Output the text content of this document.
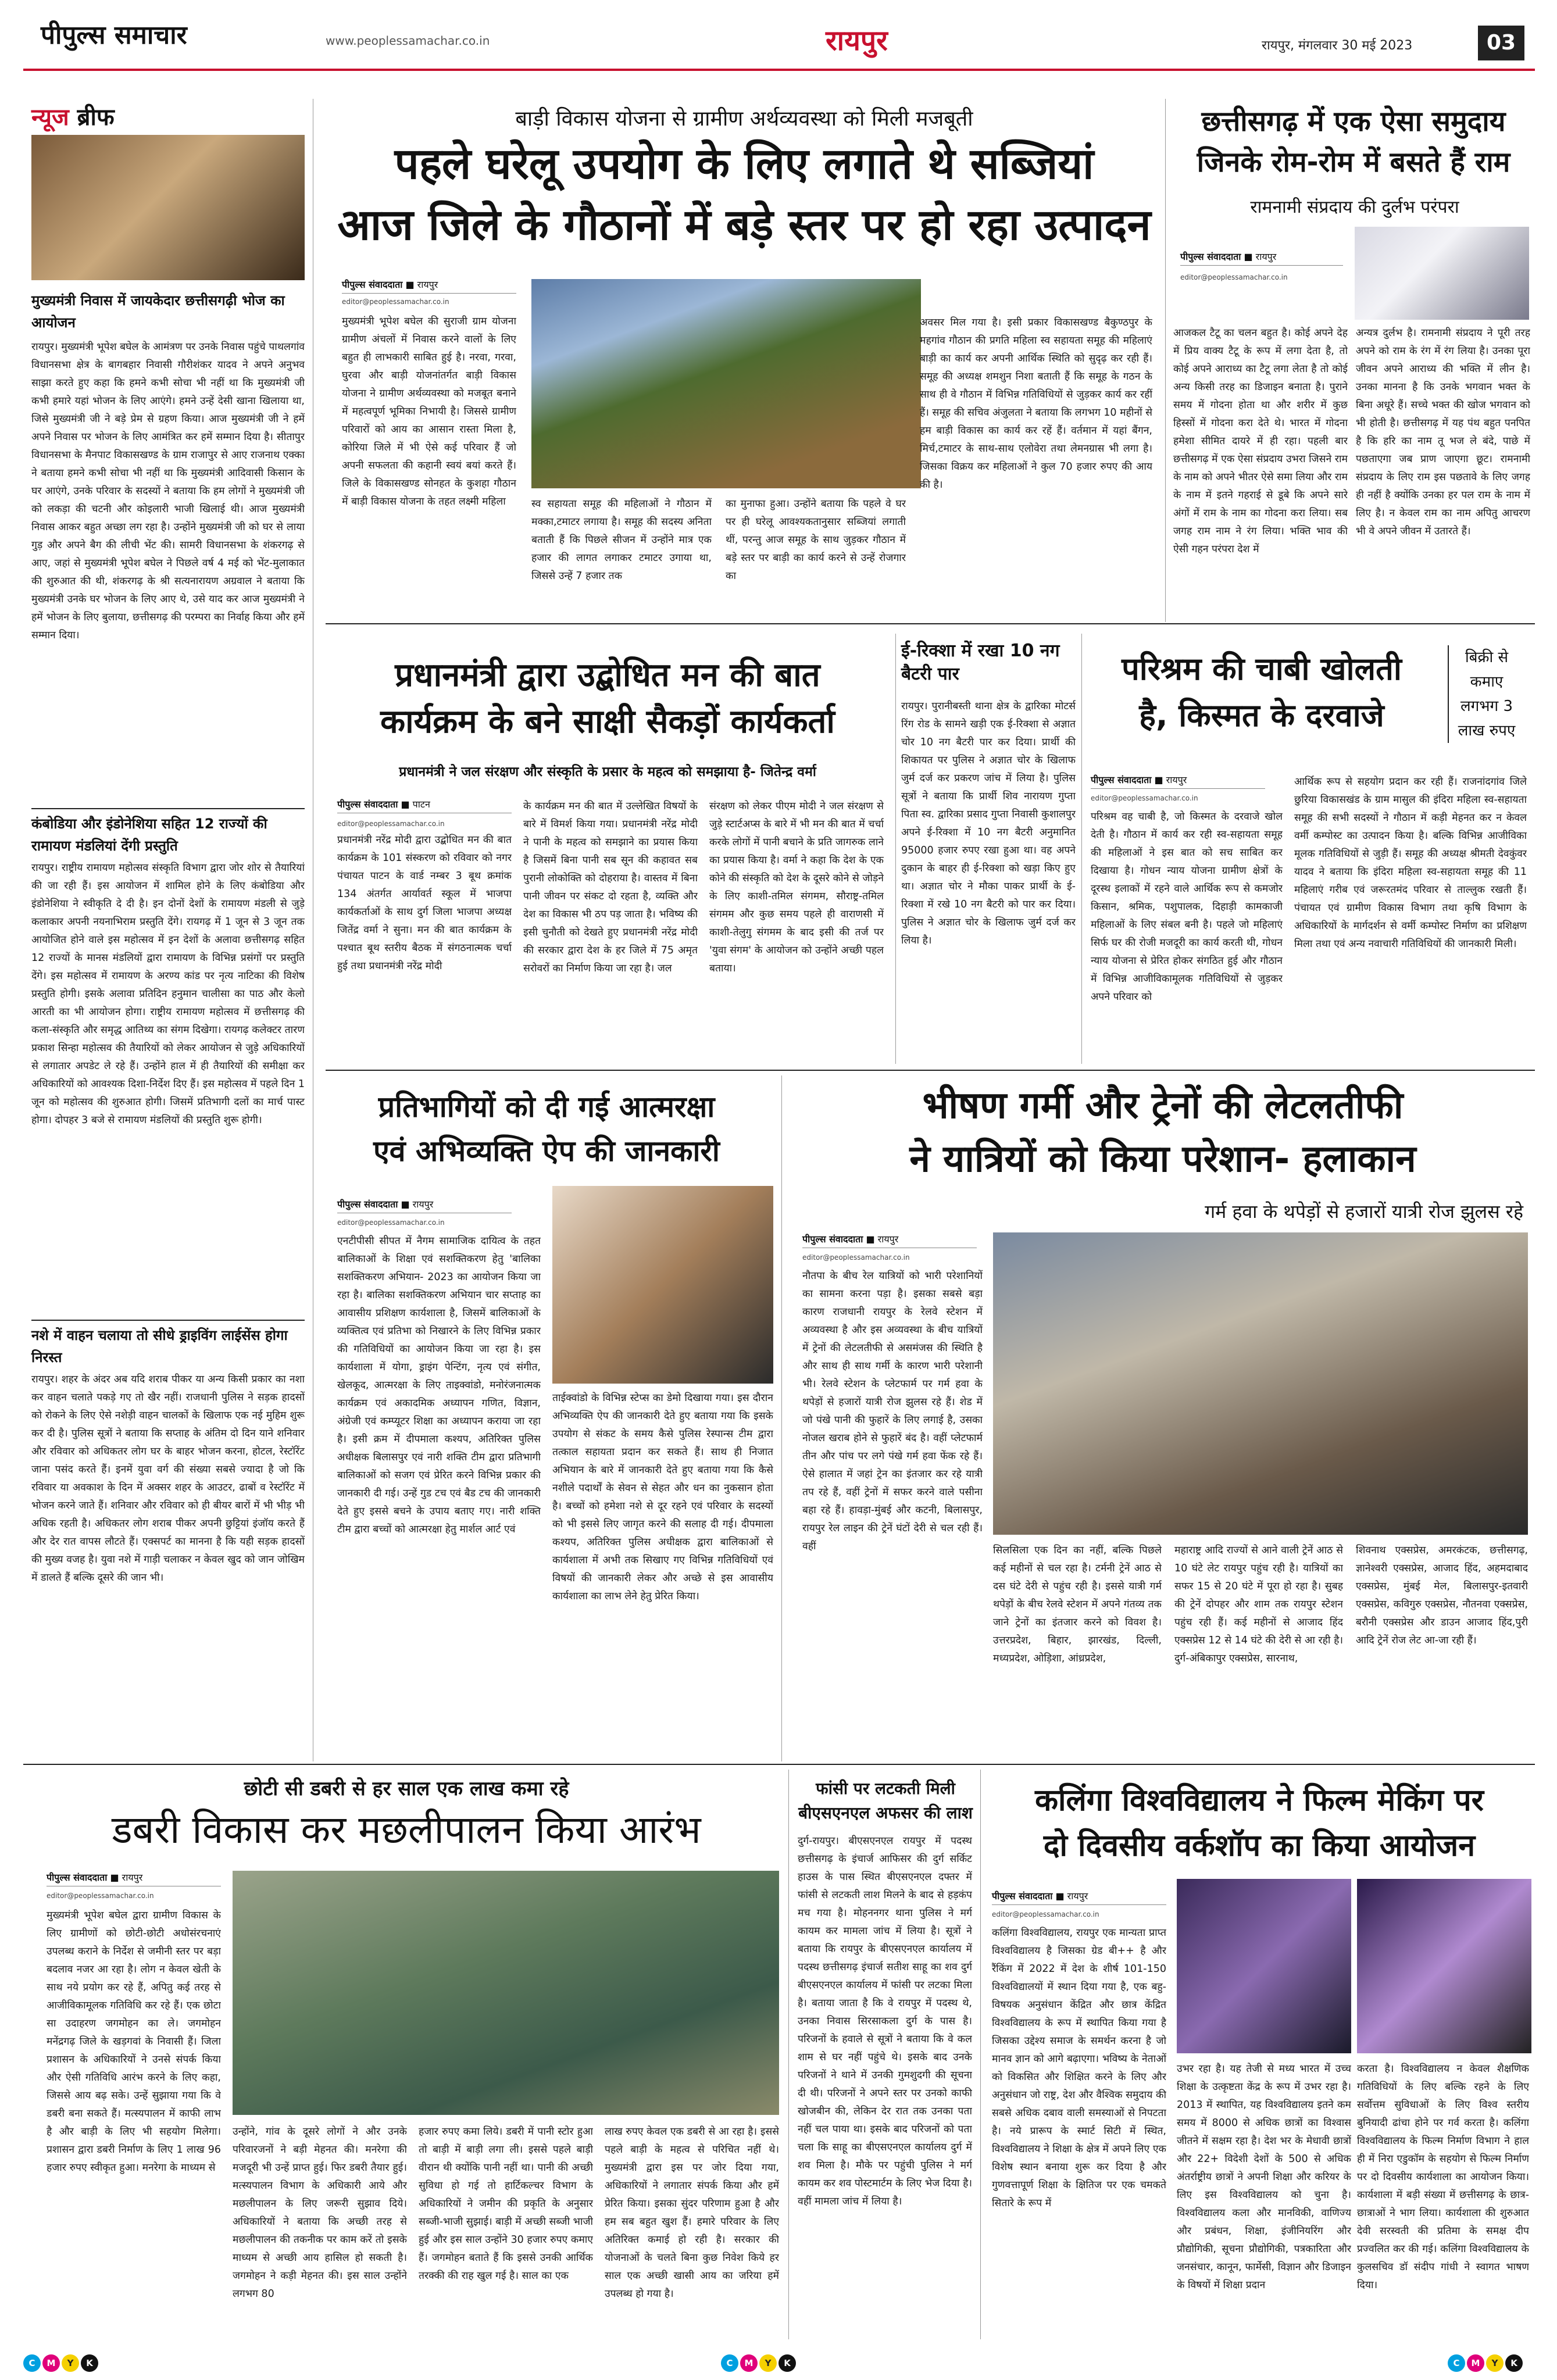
पीपुल्स समाचार	www.peoplessamachar.co.in	रायपुर	रायपुर, मंगलवार 30 मई 2023	03
न्यूज ब्रीफ
मुख्यमंत्री निवास में जायकेदार छत्तीसगढ़ी भोज का आयोजन
रायपुर। मुख्यमंत्री भूपेश बघेल के आमंत्रण पर उनके निवास पहुंचे पाथलगांव विधानसभा क्षेत्र के बागबहार निवासी गौरीशंकर यादव ने अपने अनुभव साझा करते हुए कहा कि हमने कभी सोचा भी नहीं था कि मुख्यमंत्री जी कभी हमारे यहां भोजन के लिए आएंगे। हमने उन्हें देसी खाना खिलाया था, जिसे मुख्यमंत्री जी ने बड़े प्रेम से ग्रहण किया। आज मुख्यमंत्री जी ने हमें अपने निवास पर भोजन के लिए आमंत्रित कर हमें सम्मान दिया है। सीतापुर विधानसभा के मैनपाट विकासखण्ड के ग्राम राजापुर से आए राजनाथ एक्का ने बताया हमने कभी सोचा भी नहीं था कि मुख्यमंत्री आदिवासी किसान के घर आएंगे, उनके परिवार के सदस्यों ने बताया कि हम लोगों ने मुख्यमंत्री जी को लकड़ा की चटनी और कोइलारी भाजी खिलाई थी। आज मुख्यमंत्री निवास आकर बहुत अच्छा लग रहा है। उन्होंने मुख्यमंत्री जी को घर से लाया गुड़ और अपने बैग की लीची भेंट की। सामरी विधानसभा के शंकरगढ़ से आए, जहां से मुख्यमंत्री भूपेश बघेल ने पिछले वर्ष 4 मई को भेंट-मुलाकात की शुरुआत की थी, शंकरगढ़ के श्री सत्यनारायण अग्रवाल ने बताया कि मुख्यमंत्री उनके घर भोजन के लिए आए थे, उसे याद कर आज मुख्यमंत्री ने हमें भोजन के लिए बुलाया, छत्तीसगढ़ की परम्परा का निर्वाह किया और हमें सम्मान दिया।
कंबोडिया और इंडोनेशिया सहित 12 राज्यों की रामायण मंडलियां देंगी प्रस्तुति
रायपुर। राष्ट्रीय रामायण महोत्सव संस्कृति विभाग द्वारा जोर शोर से तैयारियां की जा रही हैं। इस आयोजन में शामिल होने के लिए कंबोडिया और इंडोनेशिया ने स्वीकृति दे दी है। इन दोनों देशों के रामायण मंडली से जुड़े कलाकार अपनी नयनाभिराम प्रस्तुति देंगे। रायगढ़ में 1 जून से 3 जून तक आयोजित होने वाले इस महोत्सव में इन देशों के अलावा छत्तीसगढ़ सहित 12 राज्यों के मानस मंडलियों द्वारा रामायण के विभिन्न प्रसंगों पर प्रस्तुति देंगे। इस महोत्सव में रामायण के अरण्य कांड पर नृत्य नाटिका की विशेष प्रस्तुति होगी। इसके अलावा प्रतिदिन हनुमान चालीसा का पाठ और केलो आरती का भी आयोजन होगा। राष्ट्रीय रामायण महोत्सव में छत्तीसगढ़ की कला-संस्कृति और समृद्ध आतिथ्य का संगम दिखेगा। रायगढ़ कलेक्टर तारण प्रकाश सिन्हा महोत्सव की तैयारियों को लेकर आयोजन से जुड़े अधिकारियों से लगातार अपडेट ले रहे हैं। उन्होंने हाल में ही तैयारियों की समीक्षा कर अधिकारियों को आवश्यक दिशा-निर्देश दिए हैं। इस महोत्सव में पहले दिन 1 जून को महोत्सव की शुरुआत होगी। जिसमें प्रतिभागी दलों का मार्च पास्ट होगा। दोपहर 3 बजे से रामायण मंडलियों की प्रस्तुति शुरू होगी।
नशे में वाहन चलाया तो सीधे ड्राइविंग लाईसेंस होगा निरस्त
रायपुर। शहर के अंदर अब यदि शराब पीकर या अन्य किसी प्रकार का नशा कर वाहन चलाते पकड़े गए तो खैर नहीं। राजधानी पुलिस ने सड़क हादसों को रोकने के लिए ऐसे नशेड़ी वाहन चालकों के खिलाफ एक नई मुहिम शुरू कर दी है। पुलिस सूत्रों ने बताया कि सप्ताह के अंतिम दो दिन याने शनिवार और रविवार को अधिकतर लोग घर के बाहर भोजन करना, होटल, रेस्टॉरेंट जाना पसंद करते हैं। इनमें युवा वर्ग की संख्या सबसे ज्यादा है जो कि रविवार या अवकाश के दिन में अक्सर शहर के आउटर, ढाबों व रेस्टॉरेंट में भोजन करने जाते हैं। शनिवार और रविवार को ही बीयर बारों में भी भीड़ भी अधिक रहती है। अधिकतर लोग शराब पीकर अपनी छुट्टियां इंजॉय करते हैं और देर रात वापस लौटते हैं। एक्सपर्ट का मानना है कि यही सड़क हादसों की मुख्य वजह है। युवा नशे में गाड़ी चलाकर न केवल खुद को जान जोखिम में डालते हैं बल्कि दूसरे की जान भी।
बाड़ी विकास योजना से ग्रामीण अर्थव्यवस्था को मिली मजबूती
पहले घरेलू उपयोग के लिए लगाते थे सब्जियां
आज जिले के गौठानों में बड़े स्तर पर हो रहा उत्पादन
पीपुल्स संवाददाता ■ रायपुर
editor@peoplessamachar.co.in
मुख्यमंत्री भूपेश बघेल की सुराजी ग्राम योजना ग्रामीण अंचलों में निवास करने वालों के लिए बहुत ही लाभकारी साबित हुई है। नरवा, गरवा, घुरवा और बाड़ी योजनांतर्गत बाड़ी विकास योजना ने ग्रामीण अर्थव्यवस्था को मजबूत बनाने में महत्वपूर्ण भूमिका निभायी है। जिससे ग्रामीण परिवारों को आय का आसान रास्ता मिला है, कोरिया जिले में भी ऐसे कई परिवार हैं जो अपनी सफलता की कहानी स्वयं बयां करते हैं। जिले के विकासखण्ड सोनहत के कुशहा गौठान में बाड़ी विकास योजना के तहत लक्ष्मी महिला	स्व सहायता समूह की महिलाओं ने गौठान में मक्का,टमाटर लगाया है। समूह की सदस्य अनिता बताती हैं कि पिछले सीजन में उन्होंने मात्र एक हजार की लागत लगाकर टमाटर उगाया था, जिससे उन्हें 7 हजार तक
का मुनाफा हुआ। उन्होंने बताया कि पहले वे घर पर ही घरेलू आवश्यकतानुसार सब्जियां लगाती थीं, परन्तु आज समूह के साथ जुड़कर गौठान में बड़े स्तर पर बाड़ी का कार्य करने से उन्हें रोजगार का
अवसर मिल गया है। इसी प्रकार विकासखण्ड बैकुण्ठपुर के महगांव गौठान की प्रगति महिला स्व सहायता समूह की महिलाएं बाड़ी का कार्य कर अपनी आर्थिक स्थिति को सुदृढ़ कर रही हैं। समूह की अध्यक्ष शमशुन निशा बताती हैं कि समूह के गठन के साथ ही वे गौठान में विभिन्न गतिविधियों से जुड़कर कार्य कर रहीं हैं। समूह की सचिव अंजुलता ने बताया कि लगभग 10 महीनों से हम बाड़ी विकास का कार्य कर रहें हैं। वर्तमान में यहां बैंगन, मिर्च,टमाटर के साथ-साथ एलोवेरा तथा लेमनग्रास भी लगा है। जिसका विक्रय कर महिलाओं ने कुल 70 हजार रुपए की आय की है।
छत्तीसगढ़ में एक ऐसा समुदाय
जिनके रोम-रोम में बसते हैं राम
रामनामी संप्रदाय की दुर्लभ परंपरा
पीपुल्स संवाददाता ■ रायपुर
editor@peoplessamachar.co.in
आजकल टैटू का चलन बहुत है। कोई अपने देह में प्रिय वाक्य टैटू के रूप में लगा देता है, तो कोई अपने आराध्य का टैटू लगा लेता है तो कोई अन्य किसी तरह का डिजाइन बनाता है। पुराने समय में गोदना होता था और शरीर में कुछ हिस्सों में गोदना करा देते थे। भारत में गोदना हमेशा सीमित दायरे में ही रहा। पहली बार छत्तीसगढ़ में एक ऐसा संप्रदाय उभरा जिसने राम के नाम को अपने भीतर ऐसे समा लिया और राम के नाम में इतने गहराई से डूबे कि अपने सारे अंगों में राम के नाम का गोदना करा लिया। सब जगह राम नाम ने रंग लिया। भक्ति भाव की ऐसी गहन परंपरा देश में
अन्यत्र दुर्लभ है। रामनामी संप्रदाय ने पूरी तरह अपने को राम के रंग में रंग लिया है। उनका पूरा जीवन अपने आराध्य की भक्ति में लीन है। उनका मानना है कि उनके भगवान भक्त के बिना अधूरे हैं। सच्चे भक्त की खोज भगवान को भी होती है। छत्तीसगढ़ में यह पंथ बहुत पनपित है कि हरि का नाम तू भज ले बंदे, पाछे में पछताएगा जब प्राण जाएगा छूट। रामनामी संप्रदाय के लिए राम इस पछतावे के लिए जगह ही नहीं है क्योंकि उनका हर पल राम के नाम में लिए है। न केवल राम का नाम अपितु आचरण भी वे अपने जीवन में उतारते हैं।
प्रधानमंत्री द्वारा उद्बोधित मन की बात
कार्यक्रम के बने साक्षी सैकड़ों कार्यकर्ता
प्रधानमंत्री ने जल संरक्षण और संस्कृति के प्रसार के महत्व को समझाया है- जितेन्द्र वर्मा
पीपुल्स संवाददाता ■ पाटन
editor@peoplessamachar.co.in
प्रधानमंत्री नरेंद्र मोदी द्वारा उद्बोधित मन की बात कार्यक्रम के 101 संस्करण को रविवार को नगर पंचायत पाटन के वार्ड नम्बर 3 बूथ क्रमांक 134 अंतर्गत आर्यावर्त स्कूल में भाजपा कार्यकर्ताओं के साथ दुर्ग जिला भाजपा अध्यक्ष जितेंद्र वर्मा ने सुना। मन की बात कार्यक्रम के पश्चात बूथ स्तरीय बैठक में संगठनात्मक चर्चा हुई तथा प्रधानमंत्री नरेंद्र मोदी
के कार्यक्रम मन की बात में उल्लेखित विषयों के बारे में विमर्श किया गया। प्रधानमंत्री नरेंद्र मोदी ने पानी के महत्व को समझाने का प्रयास किया है जिसमें बिना पानी सब सून की कहावत सब पुरानी लोकोक्ति को दोहराया है। वास्तव में बिना पानी जीवन पर संकट दो रहता है, व्यक्ति और देश का विकास भी ठप पड़ जाता है। भविष्य की इसी चुनौती को देखते हुए प्रधानमंत्री नरेंद्र मोदी की सरकार द्वारा देश के हर जिले में 75 अमृत सरोवरों का निर्माण किया जा रहा है। जल
संरक्षण को लेकर पीएम मोदी ने जल संरक्षण से जुड़े स्टार्टअप्स के बारे में भी मन की बात में चर्चा करके लोगों में पानी बचाने के प्रति जागरुक लाने का प्रयास किया है। वर्मा ने कहा कि देश के एक कोने की संस्कृति को देश के दूसरे कोने से जोड़ने के लिए काशी-तमिल संगमम, सौराष्ट्र-तमिल संगमम और कुछ समय पहले ही वाराणसी में काशी-तेलुगु संगमम के बाद इसी की तर्ज पर 'युवा संगम' के आयोजन को उन्होंने अच्छी पहल बताया।
ई-रिक्शा में रखा 10 नग बैटरी पार
रायपुर। पुरानीबस्ती थाना क्षेत्र के द्वारिका मोटर्स रिंग रोड के सामने खड़ी एक ई-रिक्शा से अज्ञात चोर 10 नग बैटरी पार कर दिया। प्रार्थी की शिकायत पर पुलिस ने अज्ञात चोर के खिलाफ जुर्म दर्ज कर प्रकरण जांच में लिया है। पुलिस सूत्रों ने बताया कि प्रार्थी शिव नारायण गुप्ता पिता स्व. द्वारिका प्रसाद गुप्ता निवासी कुशालपुर अपने ई-रिक्शा में 10 नग बैटरी अनुमानित 95000 हजार रुपए रखा हुआ था। वह अपने दुकान के बाहर ही ई-रिक्शा को खड़ा किए हुए था। अज्ञात चोर ने मौका पाकर प्रार्थी के ई-रिक्शा में रखे 10 नग बैटरी को पार कर दिया। पुलिस ने अज्ञात चोर के खिलाफ जुर्म दर्ज कर लिया है।
परिश्रम की चाबी खोलती
है, किस्मत के दरवाजे
बिक्री से कमाए लगभग 3 लाख रुपए
पीपुल्स संवाददाता ■ रायपुर
editor@peoplessamachar.co.in
परिश्रम वह चाबी है, जो किस्मत के दरवाजे खोल देती है। गौठान में कार्य कर रही स्व-सहायता समूह की महिलाओं ने इस बात को सच साबित कर दिखाया है। गोधन न्याय योजना ग्रामीण क्षेत्रों के दूरस्थ इलाकों में रहने वाले आर्थिक रूप से कमजोर किसान, श्रमिक, पशुपालक, दिहाड़ी कामकाजी महिलाओं के लिए संबल बनी है। पहले जो महिलाएं सिर्फ घर की रोजी मजदूरी का कार्य करती थी, गोधन न्याय योजना से प्रेरित होकर संगठित हुई और गौठान में विभिन्न आजीविकामूलक गतिविधियों से जुड़कर अपने परिवार को
आर्थिक रूप से सहयोग प्रदान कर रही हैं। राजनांदगांव जिले छुरिया विकासखंड के ग्राम मासुल की इंदिरा महिला स्व-सहायता समूह की सभी सदस्यों ने गौठान में कड़ी मेहनत कर न केवल वर्मी कम्पोस्ट का उत्पादन किया है। बल्कि विभिन्न आजीविका मूलक गतिविधियों से जुड़ी हैं। समूह की अध्यक्ष श्रीमती देवकुंवर यादव ने बताया कि इंदिरा महिला स्व-सहायता समूह की 11 महिलाएं गरीब एवं जरूरतमंद परिवार से ताल्लुक रखती हैं। पंचायत एवं ग्रामीण विकास विभाग तथा कृषि विभाग के अधिकारियों के मार्गदर्शन से वर्मी कम्पोस्ट निर्माण का प्रशिक्षण मिला तथा एवं अन्य नवाचारी गतिविधियों की जानकारी मिली।
प्रतिभागियों को दी गई आत्मरक्षा
एवं अभिव्यक्ति ऐप की जानकारी
पीपुल्स संवाददाता ■ रायपुर
editor@peoplessamachar.co.in
एनटीपीसी सीपत में नैगम सामाजिक दायित्व के तहत बालिकाओं के शिक्षा एवं सशक्तिकरण हेतु 'बालिका सशक्तिकरण अभियान- 2023 का आयोजन किया जा रहा है। बालिका सशक्तिकरण अभियान चार सप्ताह का आवासीय प्रशिक्षण कार्यशाला है, जिसमें बालिकाओं के व्यक्तित्व एवं प्रतिभा को निखारने के लिए विभिन्न प्रकार की गतिविधियों का आयोजन किया जा रहा है। इस कार्यशाला में योगा, ड्राइंग पेन्टिंग, नृत्य एवं संगीत, खेलकूद, आत्मरक्षा के लिए ताइक्वांडो, मनोरंजनात्मक कार्यक्रम एवं अकादमिक अध्यापन गणित, विज्ञान, अंग्रेजी एवं कम्प्यूटर शिक्षा का अध्यापन कराया जा रहा है। इसी क्रम में दीपमाला कश्यप, अतिरिक्त पुलिस अधीक्षक बिलासपुर एवं नारी शक्ति टीम द्वारा प्रतिभागी बालिकाओं को सजग एवं प्रेरित करने विभिन्न प्रकार की जानकारी दी गई। उन्हें गुड टच एवं बैड टच की जानकारी देते हुए इससे बचने के उपाय बताए गए। नारी शक्ति टीम द्वारा बच्चों को आत्मरक्षा हेतु मार्शल आर्ट एवं
ताईक्वांडो के विभिन्न स्टेप्स का डेमो दिखाया गया। इस दौरान अभिव्यक्ति ऐप की जानकारी देते हुए बताया गया कि इसके उपयोग से संकट के समय कैसे पुलिस रेस्पान्स टीम द्वारा तत्काल सहायता प्रदान कर सकते हैं। साथ ही निजात अभियान के बारे में जानकारी देते हुए बताया गया कि कैसे नशीले पदार्थों के सेवन से सेहत और धन का नुकसान होता है। बच्चों को हमेशा नशे से दूर रहने एवं परिवार के सदस्यों को भी इससे लिए जागृत करने की सलाह दी गई। दीपमाला कश्यप, अतिरिक्त पुलिस अधीक्षक द्वारा बालिकाओं से कार्यशाला में अभी तक सिखाए गए विभिन्न गतिविधियों एवं विषयों की जानकारी लेकर और अच्छे से इस आवासीय कार्यशाला का लाभ लेने हेतु प्रेरित किया।
भीषण गर्मी और ट्रेनों की लेटलतीफी
ने यात्रियों को किया परेशान- हलाकान
गर्म हवा के थपेड़ों से हजारों यात्री रोज झुलस रहे
पीपुल्स संवाददाता ■ रायपुर
editor@peoplessamachar.co.in
नौतपा के बीच रेल यात्रियों को भारी परेशानियों का सामना करना पड़ा है। इसका सबसे बड़ा कारण राजधानी रायपुर के रेलवे स्टेशन में अव्यवस्था है और इस अव्यवस्था के बीच यात्रियों में ट्रेनों की लेटलतीफी से असमंजस की स्थिति है और साथ ही साथ गर्मी के कारण भारी परेशानी भी। रेलवे स्टेशन के प्लेटफार्म पर गर्म हवा के थपेड़ों से हजारों यात्री रोज झुलस रहे हैं। शेड में जो पंखे पानी की फुहारें के लिए लगाई है, उसका नोजल खराब होने से फुहारें बंद है। वहीं प्लेटफार्म तीन और पांच पर लगे पंखे गर्म हवा फेंक रहे हैं। ऐसे हालात में जहां ट्रेन का इंतजार कर रहे यात्री तप रहे हैं, वहीं ट्रेनों में सफर करने वाले पसीना बहा रहे हैं। हावड़ा-मुंबई और कटनी, बिलासपुर, रायपुर रेल लाइन की ट्रेनें घंटों देरी से चल रही हैं। वहीं	सिलसिला एक दिन का नहीं, बल्कि पिछले कई महीनों से चल रहा है। टर्मनी ट्रेनें आठ से दस घंटे देरी से पहुंच रही है। इससे यात्री गर्म थपेड़ों के बीच रेलवे स्टेशन में अपने गंतव्य तक जाने ट्रेनों का इंतजार करने को विवश है। उत्तरप्रदेश, बिहार, झारखंड, दिल्ली, मध्यप्रदेश, ओड़िशा, आंध्रप्रदेश,
महाराष्ट्र आदि राज्यों से आने वाली ट्रेनें आठ से 10 घंटे लेट रायपुर पहुंच रही है। यात्रियों का सफर 15 से 20 घंटे में पूरा हो रहा है। सुबह की ट्रेनें दोपहर और शाम तक रायपुर स्टेशन पहुंच रही हैं। कई महीनों से आजाद हिंद एक्सप्रेस 12 से 14 घंटे की देरी से आ रही है। दुर्ग-अंबिकापुर एक्सप्रेस, सारनाथ,
शिवनाथ एक्सप्रेस, अमरकंटक, छत्तीसगढ़, ज्ञानेश्वरी एक्सप्रेस, आजाद हिंद, अहमदाबाद एक्सप्रेस, मुंबई मेल, बिलासपुर-इतवारी एक्सप्रेस, कविगुरु एक्सप्रेस, नौतनवा एक्सप्रेस, बरौनी एक्सप्रेस और डाउन आजाद हिंद,पुरी आदि ट्रेनें रोज लेट आ-जा रही हैं।
छोटी सी डबरी से हर साल एक लाख कमा रहे
डबरी विकास कर मछलीपालन किया आरंभ
पीपुल्स संवाददाता ■ रायपुर
editor@peoplessamachar.co.in
मुख्यमंत्री भूपेश बघेल द्वारा ग्रामीण विकास के लिए ग्रामीणों को छोटी-छोटी अधोसंरचनाएं उपलब्ध कराने के निर्देश से जमीनी स्तर पर बड़ा बदलाव नजर आ रहा है। लोग न केवल खेती के साथ नये प्रयोग कर रहे हैं, अपितु कई तरह से आजीविकामूलक गतिविधि कर रहे हैं। एक छोटा सा उदाहरण जगमोहन का ले। जगमोहन मनेंद्रगढ़ जिले के खड़गवां के निवासी हैं। जिला प्रशासन के अधिकारियों ने उनसे संपर्क किया और ऐसी गतिविधि आरंभ करने के लिए कहा, जिससे आय बढ़ सके। उन्हें सुझाया गया कि वे डबरी बना सकते हैं। मत्स्यपालन में काफी लाभ है और बाड़ी के लिए भी सहयोग मिलेगा। प्रशासन द्वारा डबरी निर्माण के लिए 1 लाख 96 हजार रुपए स्वीकृत हुआ। मनरेगा के माध्यम से
उन्होंने, गांव के दूसरे लोगों ने और उनके परिवारजनों ने बड़ी मेहनत की। मनरेगा की मजदूरी भी उन्हें प्राप्त हुई। फिर डबरी तैयार हुई। मत्स्यपालन विभाग के अधिकारी आये और मछलीपालन के लिए जरूरी सुझाव दिये। अधिकारियों ने बताया कि अच्छी तरह से मछलीपालन की तकनीक पर काम करें तो इसके माध्यम से अच्छी आय हासिल हो सकती है। जगमोहन ने कड़ी मेहनत की। इस साल उन्होंने लगभग 80
हजार रुपए कमा लिये। डबरी में पानी स्टोर हुआ तो बाड़ी में बाड़ी लगा ली। इससे पहले बाड़ी वीरान थी क्योंकि पानी नहीं था। पानी की अच्छी सुविधा हो गई तो हार्टिकल्चर विभाग के अधिकारियों ने जमीन की प्रकृति के अनुसार सब्जी-भाजी सुझाई। बाड़ी में अच्छी सब्जी भाजी हुई और इस साल उन्होंने 30 हजार रुपए कमाए हैं। जगमोहन बताते हैं कि इससे उनकी आर्थिक तरक्की की राह खुल गई है। साल का एक
लाख रुपए केवल एक डबरी से आ रहा है। इससे पहले बाड़ी के महत्व से परिचित नहीं थे। मुख्यमंत्री द्वारा इस पर जोर दिया गया, अधिकारियों ने लगातार संपर्क किया और हमें प्रेरित किया। इसका सुंदर परिणाम हुआ है और हम सब बहुत खुश हैं। हमारे परिवार के लिए अतिरिक्त कमाई हो रही है। सरकार की योजनाओं के चलते बिना कुछ निवेश किये हर साल एक अच्छी खासी आय का जरिया हमें उपलब्ध हो गया है।
फांसी पर लटकती मिली
बीएसएनएल अफसर की लाश
दुर्ग-रायपुर। बीएसएनएल रायपुर में पदस्थ छत्तीसगढ़ के इंचार्ज आफिसर की दुर्ग सर्किट हाउस के पास स्थित बीएसएनएल दफ्तर में फांसी से लटकती लाश मिलने के बाद से हड़कंप मच गया है। मोहननगर थाना पुलिस ने मर्ग कायम कर मामला जांच में लिया है। सूत्रों ने बताया कि रायपुर के बीएसएनएल कार्यालय में पदस्थ छत्तीसगढ़ इंचार्ज सतीश साहू का शव दुर्ग बीएसएनएल कार्यालय में फांसी पर लटका मिला है। बताया जाता है कि वे रायपुर में पदस्थ थे, उनका निवास सिरसाकला दुर्ग के पास है। परिजनों के हवाले से सूत्रों ने बताया कि वे कल शाम से घर नहीं पहुंचे थे। इसके बाद उनके परिजनों ने थाने में उनकी गुमशुदगी की सूचना दी थी। परिजनों ने अपने स्तर पर उनको काफी खोजबीन की, लेकिन देर रात तक उनका पता नहीं चल पाया था। इसके बाद परिजनों को पता चला कि साहू का बीएसएनएल कार्यालय दुर्ग में शव मिला है। मौके पर पहुंची पुलिस ने मर्ग कायम कर शव पोस्टमार्टम के लिए भेज दिया है। वहीं मामला जांच में लिया है।
कलिंगा विश्वविद्यालय ने फिल्म मेकिंग पर
दो दिवसीय वर्कशॉप का किया आयोजन
पीपुल्स संवाददाता ■ रायपुर
editor@peoplessamachar.co.in
कलिंगा विश्वविद्यालय, रायपुर एक मान्यता प्राप्त विश्वविद्यालय है जिसका ग्रेड बी++ है और रैंकिंग में 2022 में देश के शीर्ष 101-150 विश्वविद्यालयों में स्थान दिया गया है, एक बहु-विषयक अनुसंधान केंद्रित और छात्र केंद्रित विश्वविद्यालय के रूप में स्थापित किया गया है जिसका उद्देश्य समाज के समर्थन करना है जो मानव ज्ञान को आगे बढ़ाएगा। भविष्य के नेताओं को विकसित और शिक्षित करने के लिए और अनुसंधान जो राष्ट्र, देश और वैश्विक समुदाय की सबसे अधिक दबाव वाली समस्याओं से निपटता है। नये प्रारूप के स्मार्ट सिटी में स्थित, विश्वविद्यालय ने शिक्षा के क्षेत्र में अपने लिए एक विशेष स्थान बनाया शुरू कर दिया है और गुणवत्तापूर्ण शिक्षा के क्षितिज पर एक चमकते सितारे के रूप में
उभर रहा है। यह तेजी से मध्य भारत में उच्च शिक्षा के उत्कृष्टता केंद्र के रूप में उभर रहा है। 2013 में स्थापित, यह विश्वविद्यालय इतने कम समय में 8000 से अधिक छात्रों का विश्वास जीतने में सक्षम रहा है। देश भर के मेधावी छात्रों और 22+ विदेशी देशों के 500 से अधिक अंतर्राष्ट्रीय छात्रों ने अपनी शिक्षा और करियर के लिए इस विश्वविद्यालय को चुना है। विश्वविद्यालय कला और मानविकी, वाणिज्य और प्रबंधन, शिक्षा, इंजीनियरिंग और प्रौद्योगिकी, सूचना प्रौद्योगिकी, पत्रकारिता और जनसंचार, कानून, फार्मेसी, विज्ञान और डिजाइन के विषयों में शिक्षा प्रदान
करता है। विश्वविद्यालय न केवल शैक्षणिक गतिविधियों के लिए बल्कि रहने के लिए सर्वोत्तम सुविधाओं के लिए विश्व स्तरीय बुनियादी ढांचा होने पर गर्व करता है। कलिंगा विश्वविद्यालय के फिल्म निर्माण विभाग ने हाल ही में निरा एडुकॉम के सहयोग से फिल्म निर्माण पर दो दिवसीय कार्यशाला का आयोजन किया। कार्यशाला में बड़ी संख्या में छत्तीसगढ़ के छात्र-छात्राओं ने भाग लिया। कार्यशाला की शुरुआत देवी सरस्वती की प्रतिमा के समक्ष दीप प्रज्वलित कर की गई। कलिंगा विश्वविद्यालय के कुलसचिव डॉ संदीप गांधी ने स्वागत भाषण दिया।
C M Y K	C M Y K	C M Y K
